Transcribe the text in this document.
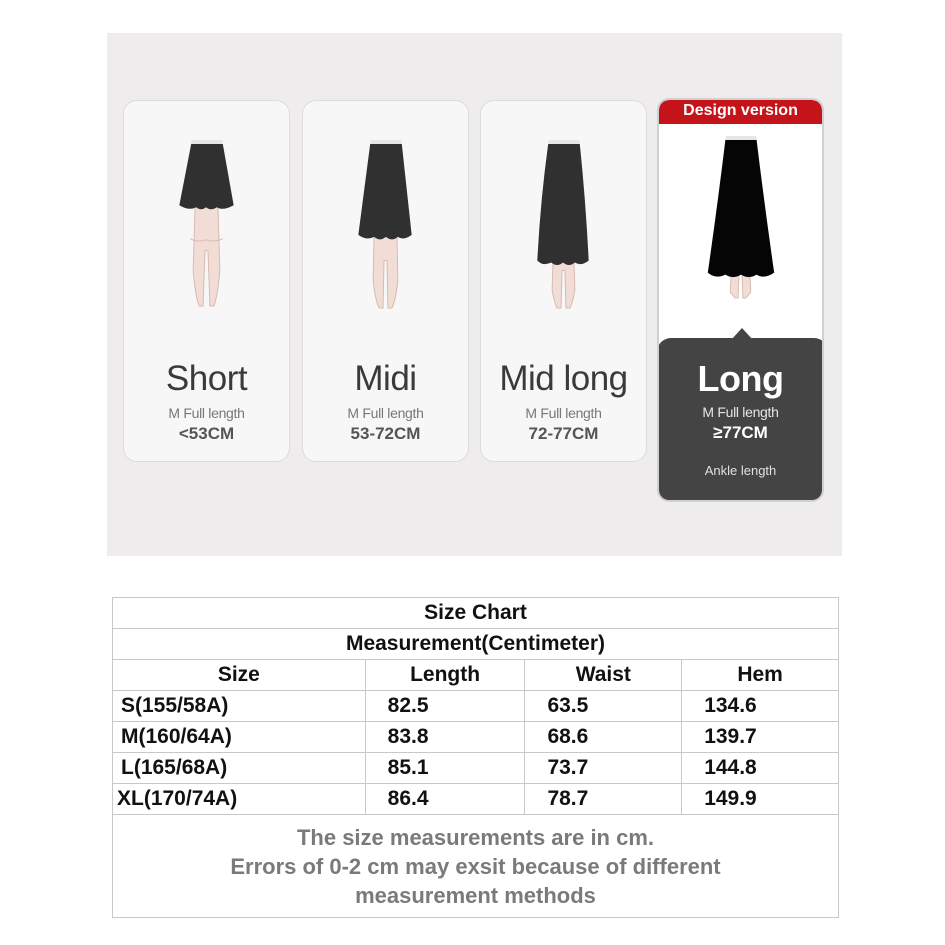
Short
M Full length
<53CM
Midi
M Full length
53-72CM
Mid long
M Full length
72-77CM
Design version
Long
M Full length
≥77CM
Ankle length
Size Chart			
Measurement(Centimeter)			
Size	Length	Waist	Hem
S(155/58A)	82.5	63.5	134.6
M(160/64A)	83.8	68.6	139.7
L(165/68A)	85.1	73.7	144.8
XL(170/74A)	86.4	78.7	149.9

The size measurements are in cm.
Errors of 0-2 cm may exsit because of different measurement methods			
